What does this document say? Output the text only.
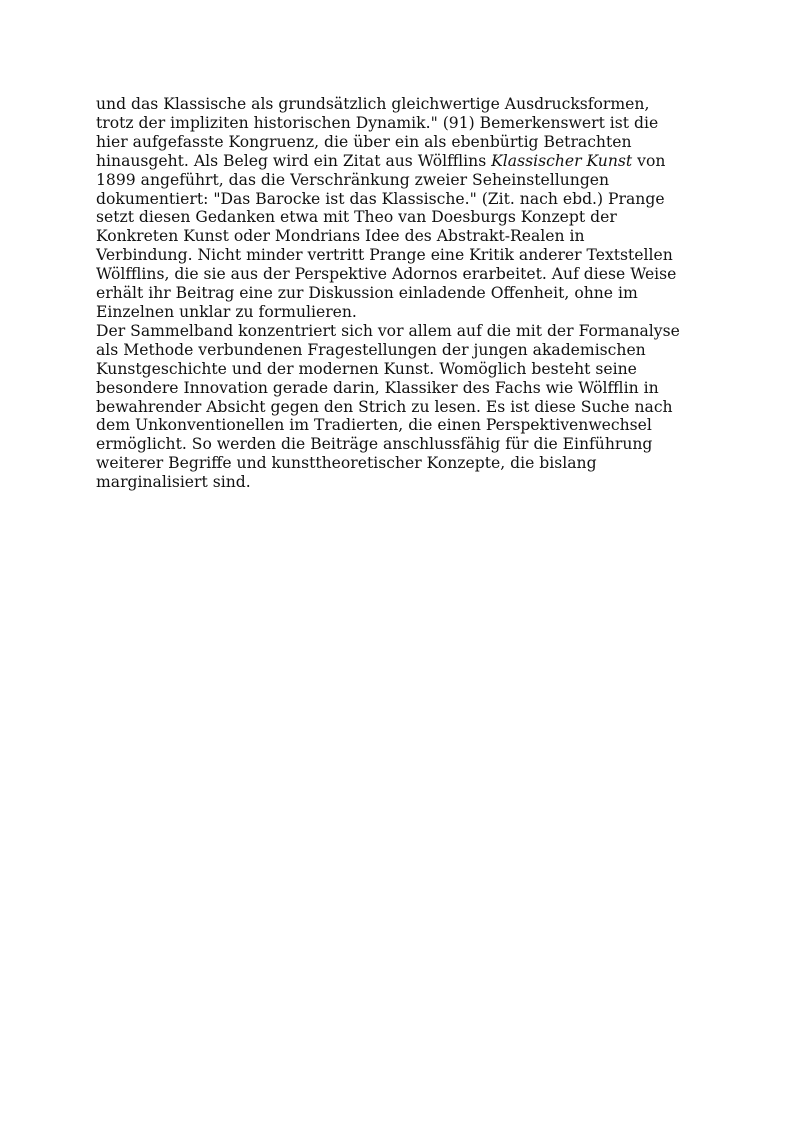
und das Klassische als grundsätzlich gleichwertige Ausdrucksformen,
trotz der impliziten historischen Dynamik." (91) Bemerkenswert ist die
hier aufgefasste Kongruenz, die über ein als ebenbürtig Betrachten
hinausgeht. Als Beleg wird ein Zitat aus Wölfflins Klassischer Kunst von
1899 angeführt, das die Verschränkung zweier Seheinstellungen
dokumentiert: "Das Barocke ist das Klassische." (Zit. nach ebd.) Prange
setzt diesen Gedanken etwa mit Theo van Doesburgs Konzept der
Konkreten Kunst oder Mondrians Idee des Abstrakt-Realen in
Verbindung. Nicht minder vertritt Prange eine Kritik anderer Textstellen
Wölfflins, die sie aus der Perspektive Adornos erarbeitet. Auf diese Weise
erhält ihr Beitrag eine zur Diskussion einladende Offenheit, ohne im
Einzelnen unklar zu formulieren.
Der Sammelband konzentriert sich vor allem auf die mit der Formanalyse
als Methode verbundenen Fragestellungen der jungen akademischen
Kunstgeschichte und der modernen Kunst. Womöglich besteht seine
besondere Innovation gerade darin, Klassiker des Fachs wie Wölfflin in
bewahrender Absicht gegen den Strich zu lesen. Es ist diese Suche nach
dem Unkonventionellen im Tradierten, die einen Perspektivenwechsel
ermöglicht. So werden die Beiträge anschlussfähig für die Einführung
weiterer Begriffe und kunsttheoretischer Konzepte, die bislang
marginalisiert sind.
